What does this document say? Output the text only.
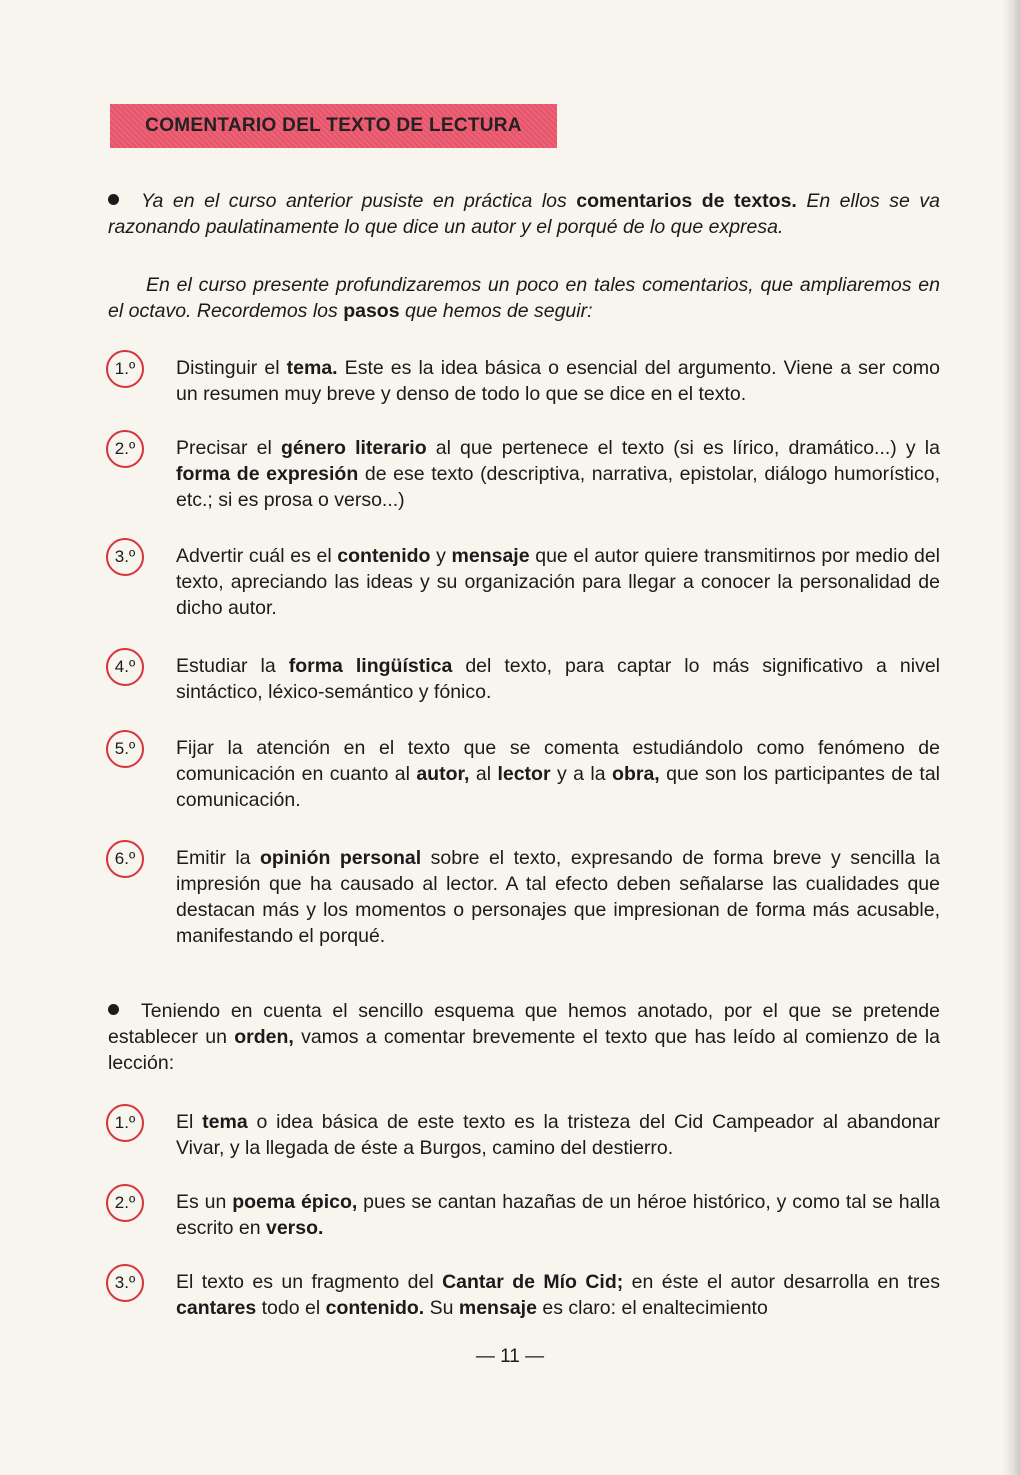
COMENTARIO DEL TEXTO DE LECTURA
Ya en el curso anterior pusiste en práctica los comentarios de textos. En ellos se va razonando paulatinamente lo que dice un autor y el porqué de lo que expresa.
En el curso presente profundizaremos un poco en tales comentarios, que ampliaremos en el octavo. Recordemos los pasos que hemos de seguir:
1.º	Distinguir el tema. Este es la idea básica o esencial del argumento. Viene a ser como un resumen muy breve y denso de todo lo que se dice en el texto.
2.º	Precisar el género literario al que pertenece el texto (si es lírico, dramático...) y la forma de expresión de ese texto (descriptiva, narrativa, epistolar, diálogo humorístico, etc.; si es prosa o verso...)
3.º	Advertir cuál es el contenido y mensaje que el autor quiere transmitirnos por medio del texto, apreciando las ideas y su organización para llegar a conocer la personalidad de dicho autor.
4.º	Estudiar la forma lingüística del texto, para captar lo más significativo a nivel sintáctico, léxico-semántico y fónico.
5.º	Fijar la atención en el texto que se comenta estudiándolo como fenómeno de comunicación en cuanto al autor, al lector y a la obra, que son los participantes de tal comunicación.
6.º	Emitir la opinión personal sobre el texto, expresando de forma breve y sencilla la impresión que ha causado al lector. A tal efecto deben señalarse las cualidades que destacan más y los momentos o personajes que impresionan de forma más acusable, manifestando el porqué.
Teniendo en cuenta el sencillo esquema que hemos anotado, por el que se pretende establecer un orden, vamos a comentar brevemente el texto que has leído al comienzo de la lección:
1.º	El tema o idea básica de este texto es la tristeza del Cid Campeador al abandonar Vivar, y la llegada de éste a Burgos, camino del destierro.
2.º	Es un poema épico, pues se cantan hazañas de un héroe histórico, y como tal se halla escrito en verso.
3.º	El texto es un fragmento del Cantar de Mío Cid; en éste el autor desarrolla en tres cantares todo el contenido. Su mensaje es claro: el enaltecimiento
— 11 —
